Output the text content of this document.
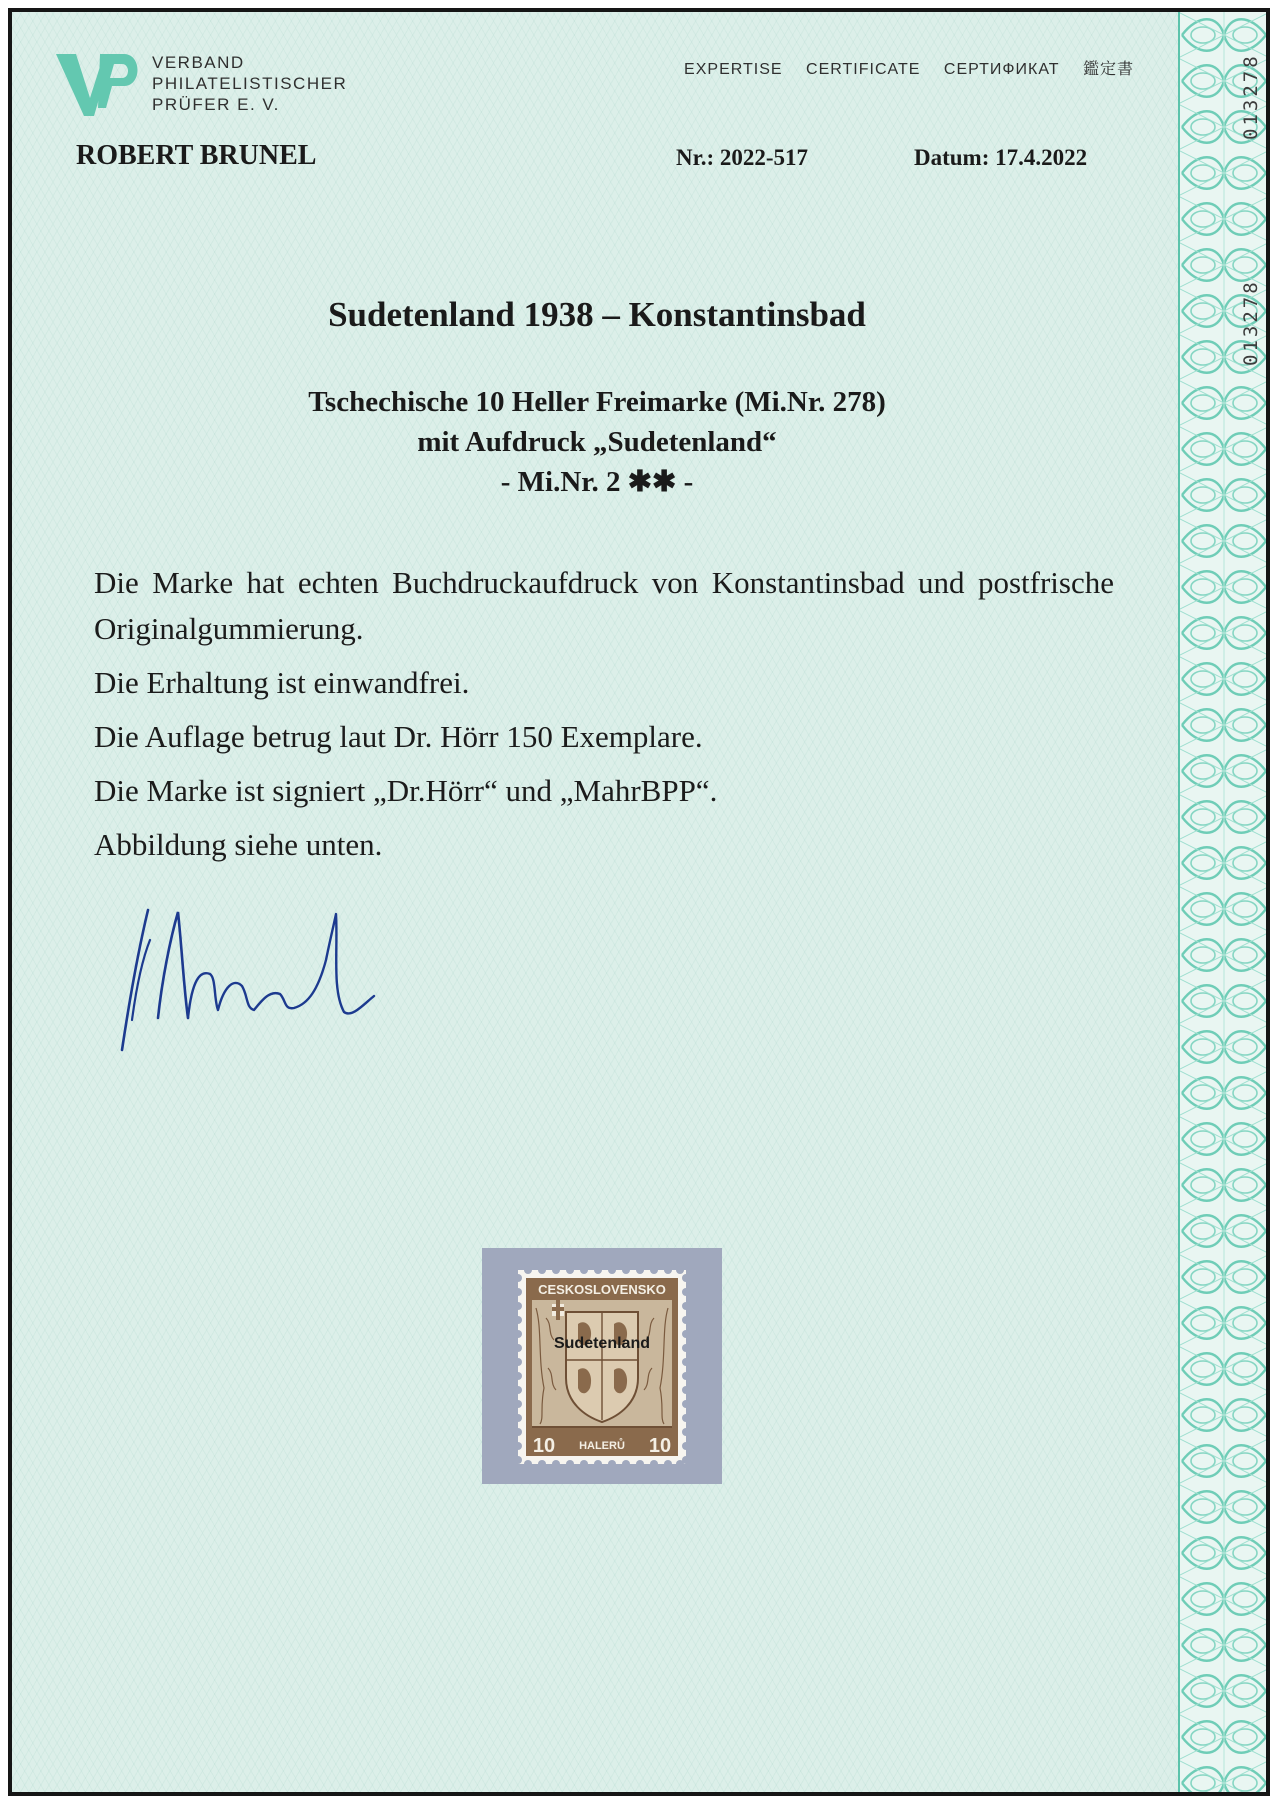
013278
013278
VERBAND
PHILATELISTISCHER
PRÜFER E. V.
EXPERTISE CERTIFICATE СЕРТИФИКАТ 鑑定書
ROBERT BRUNEL	Nr.: 2022-517	Datum: 17.4.2022
Sudetenland 1938 – Konstantinsbad
Tschechische 10 Heller Freimarke (Mi.Nr. 278)
mit Aufdruck „Sudetenland“
- Mi.Nr. 2 ✱✱ -

Die Marke hat echten Buchdruckaufdruck von Konstantinsbad und postfrische Originalgummierung.

Die Erhaltung ist einwandfrei.

Die Auflage betrug laut Dr. Hörr 150 Exemplare.

Die Marke ist signiert „Dr.Hörr“ und „MahrBPP“.

Abbildung siehe unten.

CESKOSLOVENSKO
Sudetenland
10 HALERŮ 10
